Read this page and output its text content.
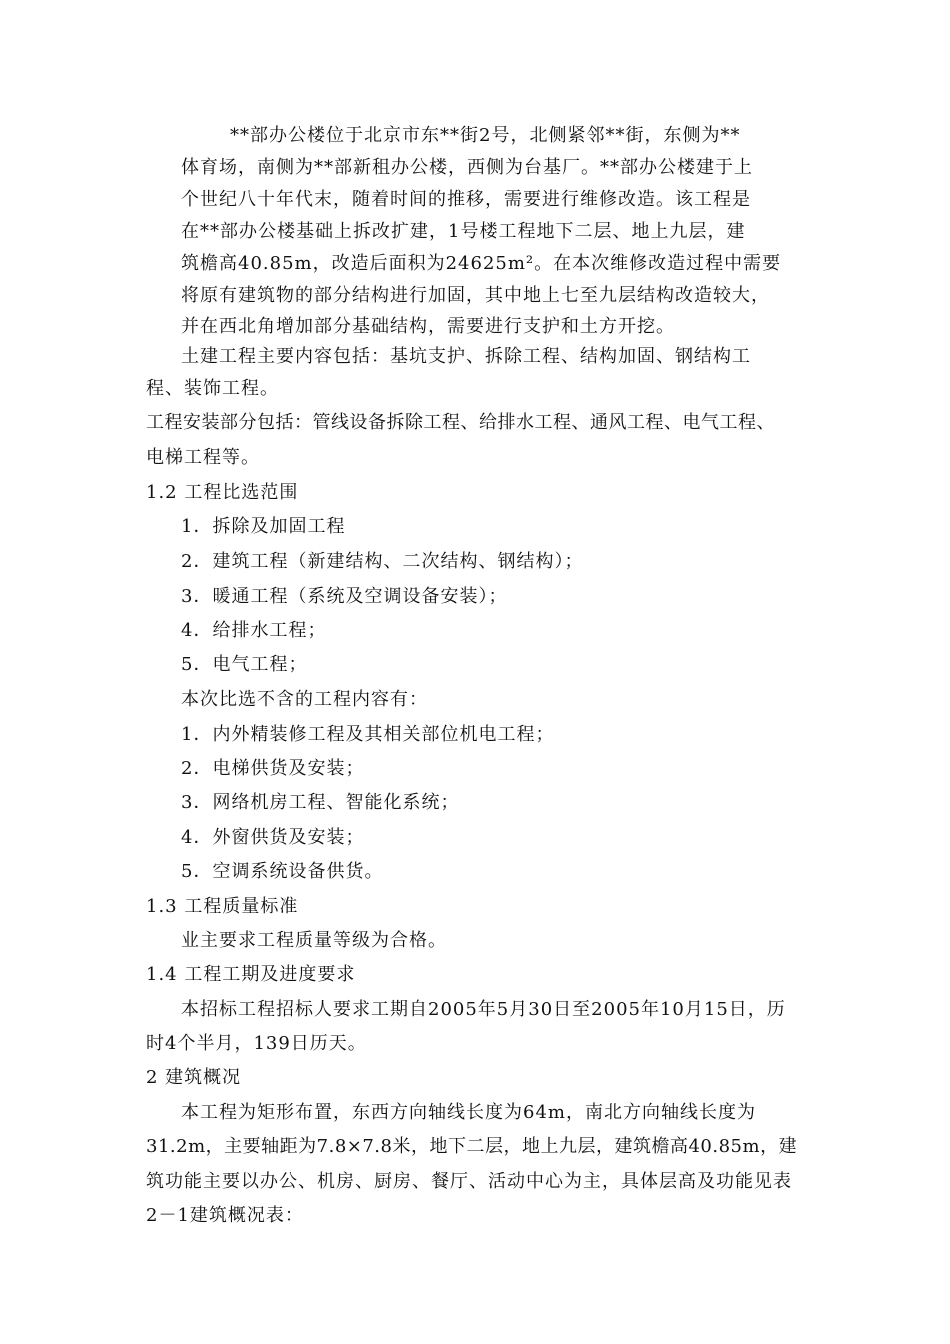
**部办公楼位于北京市东**街2号，北侧紧邻**街，东侧为**
体育场，南侧为**部新租办公楼，西侧为台基厂。**部办公楼建于上
个世纪八十年代末，随着时间的推移，需要进行维修改造。该工程是
在**部办公楼基础上拆改扩建，1号楼工程地下二层、地上九层，建
筑檐高40.85m，改造后面积为24625m²。在本次维修改造过程中需要
将原有建筑物的部分结构进行加固，其中地上七至九层结构改造较大，
并在西北角增加部分基础结构，需要进行支护和土方开挖。
土建工程主要内容包括：基坑支护、拆除工程、结构加固、钢结构工
程、装饰工程。
工程安装部分包括：管线设备拆除工程、给排水工程、通风工程、电气工程、
电梯工程等。
1.2 工程比选范围
1．拆除及加固工程
2．建筑工程（新建结构、二次结构、钢结构）；
3．暖通工程（系统及空调设备安装）；
4．给排水工程；
5．电气工程；
本次比选不含的工程内容有：
1．内外精装修工程及其相关部位机电工程；
2．电梯供货及安装；
3．网络机房工程、智能化系统；
4．外窗供货及安装；
5．空调系统设备供货。
1.3 工程质量标准
业主要求工程质量等级为合格。
1.4 工程工期及进度要求
本招标工程招标人要求工期自2005年5月30日至2005年10月15日，历
时4个半月，139日历天。
2 建筑概况
本工程为矩形布置，东西方向轴线长度为64m，南北方向轴线长度为
31.2m，主要轴距为7.8×7.8米，地下二层，地上九层，建筑檐高40.85m，建
筑功能主要以办公、机房、厨房、餐厅、活动中心为主，具体层高及功能见表
2－1建筑概况表：
